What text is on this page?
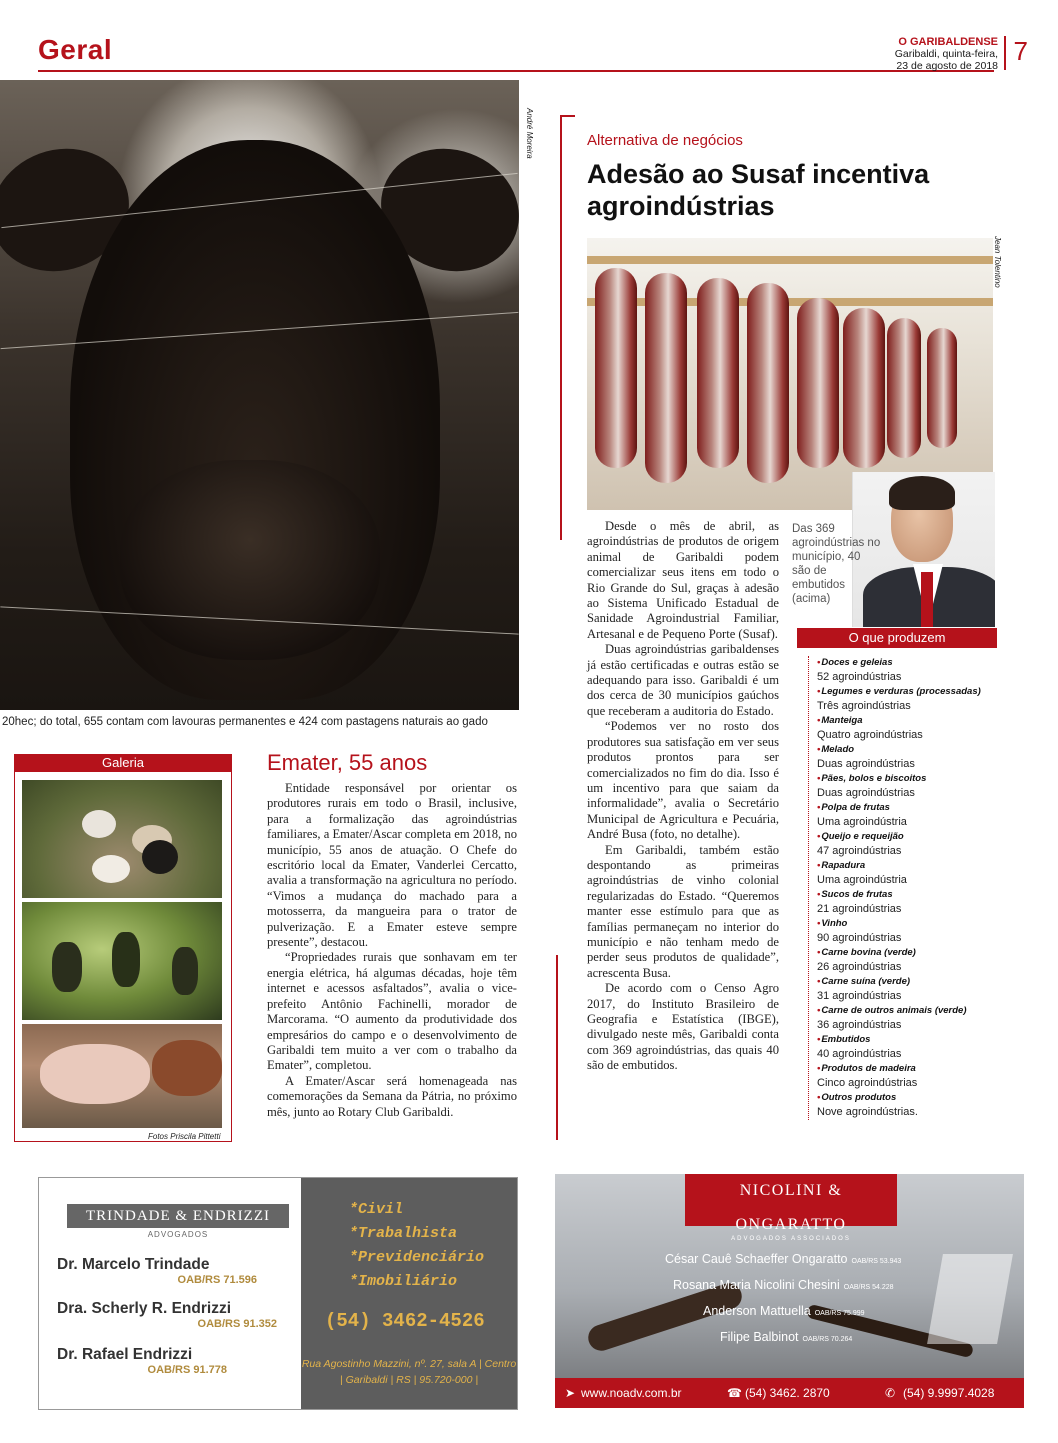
Geral	O GARIBALDENSE
Garibaldi, quinta-feira,
23 de agosto de 2018 7
André Moreira
20hec; do total, 655 contam com lavouras permanentes e 424 com pastagens naturais ao gado
Alternativa de negócios
Adesão ao Susaf incentiva agroindústrias
Jean Tolentino
Das 369 agroindústrias no município, 40 são de embutidos (acima)

Desde o mês de abril, as agroindústrias de produtos de origem animal de Garibaldi podem comercializar seus itens em todo o Rio Grande do Sul, graças à adesão ao Sistema Unificado Estadual de Sanidade Agroindustrial Familiar, Artesanal e de Pequeno Porte (Susaf).

Duas agroindústrias garibaldenses já estão certificadas e outras estão se adequando para isso. Garibaldi é um dos cerca de 30 municípios gaúchos que receberam a auditoria do Estado.

“Podemos ver no rosto dos produtores sua satisfação em ver seus produtos prontos para ser comercializados no fim do dia. Isso é um incentivo para que saiam da informalidade”, avalia o Secretário Municipal de Agricultura e Pecuária, André Busa (foto, no detalhe).

Em Garibaldi, também estão despontando as primeiras agroindústrias de vinho colonial regularizadas do Estado. “Queremos manter esse estímulo para que as famílias permaneçam no interior do município e não tenham medo de perder seus produtos de qualidade”, acrescenta Busa.

De acordo com o Censo Agro 2017, do Instituto Brasileiro de Geografia e Estatística (IBGE), divulgado neste mês, Garibaldi conta com 369 agroindústrias, das quais 40 são de embutidos.

O que produzem
• Doces e geleias
52 agroindústrias
• Legumes e verduras (processadas)
Três agroindústrias
• Manteiga
Quatro agroindústrias
• Melado
Duas agroindústrias
• Pães, bolos e biscoitos
Duas agroindústrias
• Polpa de frutas
Uma agroindústria
• Queijo e requeijão
47 agroindústrias
• Rapadura
Uma agroindústria
• Sucos de frutas
21 agroindústrias
• Vinho
90 agroindústrias
• Carne bovina (verde)
26 agroindústrias
• Carne suína (verde)
31 agroindústrias
• Carne de outros animais (verde)
36 agroindústrias
• Embutidos
40 agroindústrias
• Produtos de madeira
Cinco agroindústrias
• Outros produtos
Nove agroindústrias.
Galeria
Fotos Priscila Pittetti
Emater, 55 anos

Entidade responsável por orientar os produtores rurais em todo o Brasil, inclusive, para a formalização das agroindústrias familiares, a Emater/Ascar completa em 2018, no município, 55 anos de atuação. O Chefe do escritório local da Emater, Vanderlei Cercatto, avalia a transformação na agricultura no período. “Vimos a mudança do machado para a motosserra, da mangueira para o trator de pulverização. E a Emater esteve sempre presente”, destacou.

“Propriedades rurais que sonhavam em ter energia elétrica, há algumas décadas, hoje têm internet e acessos asfaltados”, avalia o vice-prefeito Antônio Fachinelli, morador de Marcorama. “O aumento da produtividade dos empresários do campo e o desenvolvimento de Garibaldi tem muito a ver com o trabalho da Emater”, completou.

A Emater/Ascar será homenageada nas comemorações da Semana da Pátria, no próximo mês, junto ao Rotary Club Garibaldi.

TRINDADE & ENDRIZZI
ADVOGADOS
Dr. Marcelo Trindade
OAB/RS 71.596
Dra. Scherly R. Endrizzi
OAB/RS 91.352
Dr. Rafael Endrizzi
OAB/RS 91.778
*Civil
*Trabalhista
*Previdenciário
*Imobiliário
(54) 3462-4526
Rua Agostinho Mazzini, nº. 27, sala A | Centro
| Garibaldi | RS | 95.720-000 |
NICOLINI & ONGARATTO
ADVOGADOS ASSOCIADOS
César Cauê Schaeffer Ongaratto OAB/RS 53.943
Rosana Maria Nicolini Chesini OAB/RS 54.228
Anderson Mattuella OAB/RS 75.999
Filipe Balbinot OAB/RS 70.264
➤ www.noadv.com.br	☎ (54) 3462. 2870	✆ (54) 9.9997.4028
